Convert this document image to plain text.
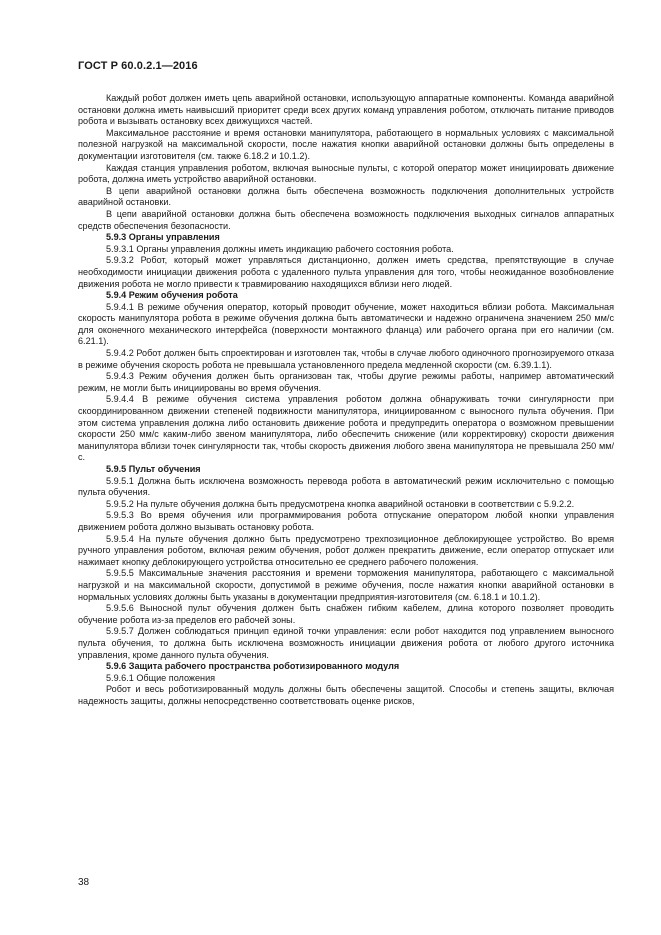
ГОСТ Р 60.0.2.1—2016

Каждый робот должен иметь цепь аварийной остановки, использующую аппаратные компоненты. Команда аварийной остановки должна иметь наивысший приоритет среди всех других команд управления роботом, отключать питание приводов робота и вызывать остановку всех движущихся частей.

Максимальное расстояние и время остановки манипулятора, работающего в нормальных условиях с максимальной полезной нагрузкой на максимальной скорости, после нажатия кнопки аварийной остановки должны быть определены в документации изготовителя (см. также 6.18.2 и 10.1.2).

Каждая станция управления роботом, включая выносные пульты, с которой оператор может инициировать движение робота, должна иметь устройство аварийной остановки.

В цепи аварийной остановки должна быть обеспечена возможность подключения дополнительных устройств аварийной остановки.

В цепи аварийной остановки должна быть обеспечена возможность подключения выходных сигналов аппаратных средств обеспечения безопасности.

5.9.3 Органы управления

5.9.3.1 Органы управления должны иметь индикацию рабочего состояния робота.

5.9.3.2 Робот, который может управляться дистанционно, должен иметь средства, препятствующие в случае необходимости инициации движения робота с удаленного пульта управления для того, чтобы неожиданное возобновление движения робота не могло привести к травмированию находящихся вблизи него людей.

5.9.4 Режим обучения робота

5.9.4.1 В режиме обучения оператор, который проводит обучение, может находиться вблизи робота. Максимальная скорость манипулятора робота в режиме обучения должна быть автоматически и надежно ограничена значением 250 мм/с для оконечного механического интерфейса (поверхности монтажного фланца) или рабочего органа при его наличии (см. 6.21.1).

5.9.4.2 Робот должен быть спроектирован и изготовлен так, чтобы в случае любого одиночного прогнозируемого отказа в режиме обучения скорость робота не превышала установленного предела медленной скорости (см. 6.39.1.1).

5.9.4.3 Режим обучения должен быть организован так, чтобы другие режимы работы, например автоматический режим, не могли быть инициированы во время обучения.

5.9.4.4 В режиме обучения система управления роботом должна обнаруживать точки сингулярности при скоординированном движении степеней подвижности манипулятора, инициированном с выносного пульта обучения. При этом система управления должна либо остановить движение робота и предупредить оператора о возможном превышении скорости 250 мм/с каким-либо звеном манипулятора, либо обеспечить снижение (или корректировку) скорости движения манипулятора вблизи точек сингулярности так, чтобы скорость движения любого звена манипулятора не превышала 250 мм/с.

5.9.5 Пульт обучения

5.9.5.1 Должна быть исключена возможность перевода робота в автоматический режим исключительно с помощью пульта обучения.

5.9.5.2 На пульте обучения должна быть предусмотрена кнопка аварийной остановки в соответствии с 5.9.2.2.

5.9.5.3 Во время обучения или программирования робота отпускание оператором любой кнопки управления движением робота должно вызывать остановку робота.

5.9.5.4 На пульте обучения должно быть предусмотрено трехпозиционное деблокирующее устройство. Во время ручного управления роботом, включая режим обучения, робот должен прекратить движение, если оператор отпускает или нажимает кнопку деблокирующего устройства относительно ее среднего рабочего положения.

5.9.5.5 Максимальные значения расстояния и времени торможения манипулятора, работающего с максимальной нагрузкой и на максимальной скорости, допустимой в режиме обучения, после нажатия кнопки аварийной остановки в нормальных условиях должны быть указаны в документации предприятия-изготовителя (см. 6.18.1 и 10.1.2).

5.9.5.6 Выносной пульт обучения должен быть снабжен гибким кабелем, длина которого позволяет проводить обучение робота из-за пределов его рабочей зоны.

5.9.5.7 Должен соблюдаться принцип единой точки управления: если робот находится под управлением выносного пульта обучения, то должна быть исключена возможность инициации движения робота от любого другого источника управления, кроме данного пульта обучения.

5.9.6 Защита рабочего пространства роботизированного модуля

5.9.6.1 Общие положения

Робот и весь роботизированный модуль должны быть обеспечены защитой. Способы и степень защиты, включая надежность защиты, должны непосредственно соответствовать оценке рисков,

38
